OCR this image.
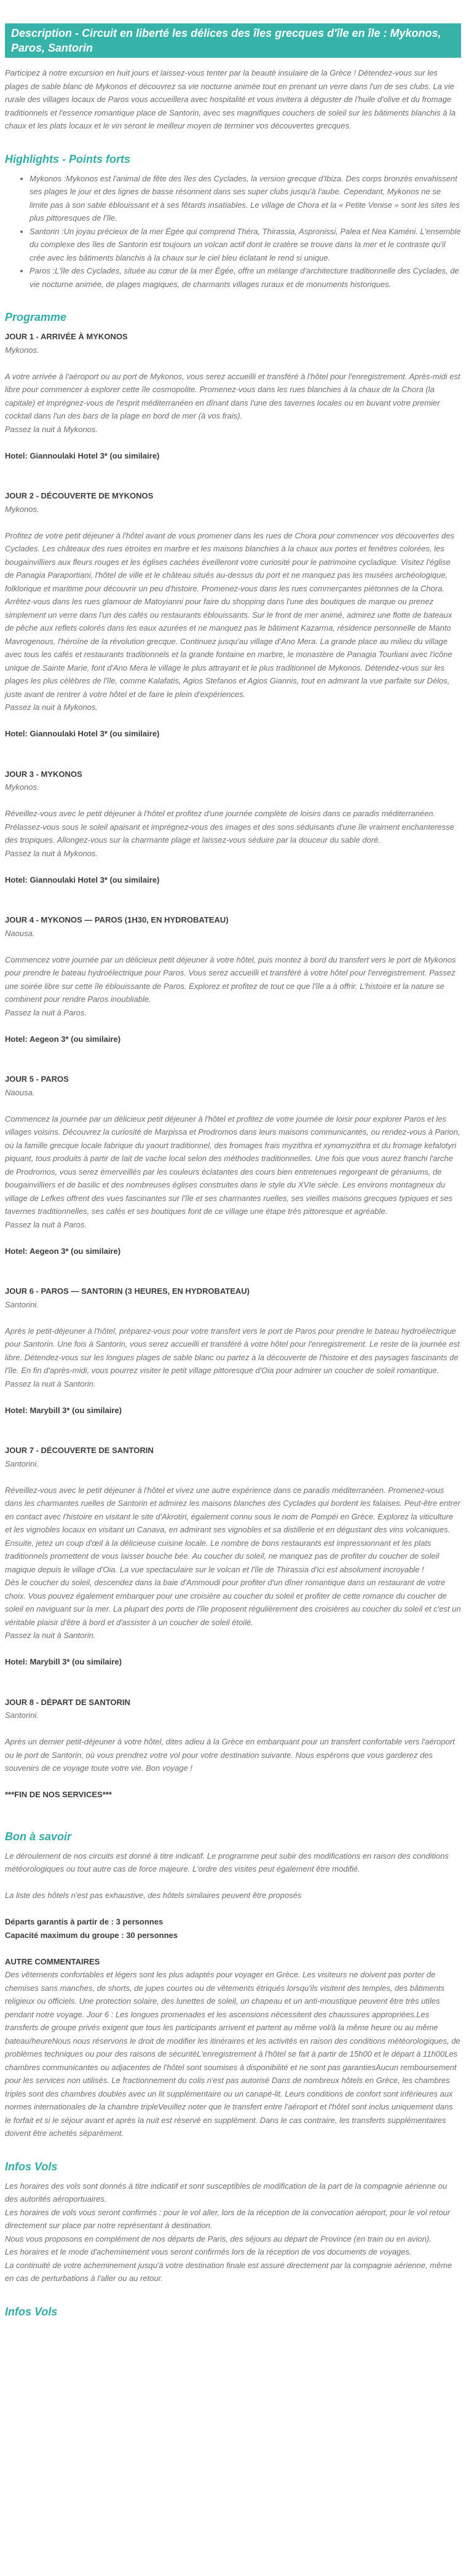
Description - Circuit en liberté les délices des îles grecques d'île en île : Mykonos, Paros, Santorin

Participez à notre excursion en huit jours et laissez-vous tenter par la beauté insulaire de la Grèce ! Détendez-vous sur les plages de sable blanc de Mykonos et découvrez sa vie nocturne animée tout en prenant un verre dans l'un de ses clubs. La vie rurale des villages locaux de Paros vous accueillera avec hospitalité et vous invitera à déguster de l'huile d'olive et du fromage traditionnels et l'essence romantique place de Santorin, avec ses magnifiques couchers de soleil sur les bâtiments blanchis à la chaux et les plats locaux et le vin seront le meilleur moyen de terminer vos découvertes grecques.

Highlights - Points forts
• Mykonos :Mykonos est l'animal de fête des îles des Cyclades, la version grecque d'Ibiza. Des corps bronzés envahissent ses plages le jour et des lignes de basse résonnent dans ses super clubs jusqu'à l'aube. Cependant, Mykonos ne se limite pas à son sable éblouissant et à ses fêtards insatiables. Le village de Chora et la « Petite Venise » sont les sites les plus pittoresques de l'île.
• Santorin :Un joyau précieux de la mer Égée qui comprend Théra, Thirassia, Aspronissi, Palea et Nea Kaméni. L'ensemble du complexe des îles de Santorin est toujours un volcan actif dont le cratère se trouve dans la mer et le contraste qu'il crée avec les bâtiments blanchis à la chaux sur le ciel bleu éclatant le rend si unique.
• Paros :L'île des Cyclades, située au cœur de la mer Égée, offre un mélange d'architecture traditionnelle des Cyclades, de vie nocturne animée, de plages magiques, de charmants villages ruraux et de monuments historiques.
Programme
JOUR 1 - ARRIVÉE À MYKONOS

Mykonos.

A votre arrivée à l'aéroport ou au port de Mykonos, vous serez accueilli et transféré à l'hôtel pour l'enregistrement. Après-midi est libre pour commencer à explorer cette île cosmopolite. Promenez-vous dans les rues blanchies à la chaux de la Chora (la capitale) et imprégnez-vous de l'esprit méditerranéen en dînant dans l'une des tavernes locales ou en buvant votre premier cocktail dans l'un des bars de la plage en bord de mer (à vos frais).

Passez la nuit à Mykonos.

Hotel: Giannoulaki Hotel 3* (ou similaire)

JOUR 2 - DÉCOUVERTE DE MYKONOS

Mykonos.

Profitez de votre petit déjeuner à l'hôtel avant de vous promener dans les rues de Chora pour commencer vos découvertes des Cyclades. Les châteaux des rues étroites en marbre et les maisons blanchies à la chaux aux portes et fenêtres colorées, les bougainvilliers aux fleurs rouges et les églises cachées éveilleront votre curiosité pour le patrimoine cycladique. Visitez l'église de Panagia Paraportiani, l'hôtel de ville et le château situés au-dessus du port et ne manquez pas les musées archéologique, folklorique et maritime pour découvrir un peu d'histoire. Promenez-vous dans les rues commerçantes piétonnes de la Chora. Arrêtez-vous dans les rues glamour de Matoyianni pour faire du shopping dans l'une des boutiques de marque ou prenez simplement un verre dans l'un des cafés ou restaurants éblouissants. Sur le front de mer animé, admirez une flotte de bateaux de pêche aux reflets colorés dans les eaux azurées et ne manquez pas le bâtiment Kazarma, résidence personnelle de Manto Mavrogenous, l'héroïne de la révolution grecque. Continuez jusqu'au village d'Ano Mera. La grande place au milieu du village avec tous les cafés et restaurants traditionnels et la grande fontaine en marbre, le monastère de Panagia Tourliani avec l'icône unique de Sainte Marie, font d'Ano Mera le village le plus attrayant et le plus traditionnel de Mykonos. Détendez-vous sur les plages les plus célèbres de l'île, comme Kalafatis, Agios Stefanos et Agios Giannis, tout en admirant la vue parfaite sur Délos, juste avant de rentrer à votre hôtel et de faire le plein d'expériences.

Passez la nuit à Mykonos.

Hotel: Giannoulaki Hotel 3* (ou similaire)

JOUR 3 - MYKONOS

Mykonos.

Réveillez-vous avec le petit déjeuner à l'hôtel et profitez d'une journée complète de loisirs dans ce paradis méditerranéen. Prélassez-vous sous le soleil apaisant et imprégnez-vous des images et des sons séduisants d'une île vraiment enchanteresse des tropiques. Allongez-vous sur la charmante plage et laissez-vous séduire par la douceur du sable doré.

Passez la nuit à Mykonos.

Hotel: Giannoulaki Hotel 3* (ou similaire)

JOUR 4 - MYKONOS — PAROS (1H30, EN HYDROBATEAU)

Naousa.

Commencez votre journée par un délicieux petit déjeuner à votre hôtel, puis montez à bord du transfert vers le port de Mykonos pour prendre le bateau hydroélectrique pour Paros. Vous serez accueilli et transféré à votre hôtel pour l'enregistrement. Passez une soirée libre sur cette île éblouissante de Paros. Explorez et profitez de tout ce que l'île a à offrir. L'histoire et la nature se combinent pour rendre Paros inoubliable.

Passez la nuit à Paros.

Hotel: Aegeon 3* (ou similaire)

JOUR 5 - PAROS

Naousa.

Commencez la journée par un délicieux petit déjeuner à l'hôtel et profitez de votre journée de loisir pour explorer Paros et les villages voisins. Découvrez la curiosité de Marpissa et Prodromos dans leurs maisons communicantes, ou rendez-vous à Parion, où la famille grecque locale fabrique du yaourt traditionnel, des fromages frais myzithra et xynomyzithra et du fromage kefalotyri piquant, tous produits à partir de lait de vache local selon des méthodes traditionnelles. Une fois que vous aurez franchi l'arche de Prodromos, vous serez émerveillés par les couleurs éclatantes des cours bien entretenues regorgeant de géraniums, de bougainvilliers et de basilic et des nombreuses églises construites dans le style du XVIe siècle. Les environs montagneux du village de Lefkes offrent des vues fascinantes sur l'île et ses charmantes ruelles, ses vieilles maisons grecques typiques et ses tavernes traditionnelles, ses cafés et ses boutiques font de ce village une étape très pittoresque et agréable.

Passez la nuit à Paros.

Hotel: Aegeon 3* (ou similaire)

JOUR 6 - PAROS — SANTORIN (3 HEURES, EN HYDROBATEAU)

Santorini.

Après le petit-déjeuner à l'hôtel, préparez-vous pour votre transfert vers le port de Paros pour prendre le bateau hydroélectrique pour Santorin. Une fois à Santorin, vous serez accueilli et transféré à votre hôtel pour l'enregistrement. Le reste de la journée est libre. Détendez-vous sur les longues plages de sable blanc ou partez à la découverte de l'histoire et des paysages fascinants de l'île. En fin d'après-midi, vous pourrez visiter le petit village pittoresque d'Oia pour admirer un coucher de soleil romantique.

Passez la nuit à Santorin.

Hotel: Marybill 3* (ou similaire)

JOUR 7 - DÉCOUVERTE DE SANTORIN

Santorini.

Réveillez-vous avec le petit déjeuner à l'hôtel et vivez une autre expérience dans ce paradis méditerranéen. Promenez-vous dans les charmantes ruelles de Santorin et admirez les maisons blanches des Cyclades qui bordent les falaises. Peut-être entrer en contact avec l'histoire en visitant le site d'Akrotiri, également connu sous le nom de Pompéi en Grèce. Explorez la viticulture et les vignobles locaux en visitant un Canava, en admirant ses vignobles et sa distillerie et en dégustant des vins volcaniques. Ensuite, jetez un coup d'œil à la délicieuse cuisine locale. Le nombre de bons restaurants est impressionnant et les plats traditionnels promettent de vous laisser bouche bée. Au coucher du soleil, ne manquez pas de profiter du coucher de soleil magique depuis le village d'Oia. La vue spectaculaire sur le volcan et l'île de Thirassia d'ici est absolument incroyable !

Dès le coucher du soleil, descendez dans la baie d'Ammoudi pour profiter d'un dîner romantique dans un restaurant de votre choix. Vous pouvez également embarquer pour une croisière au coucher du soleil et profiter de cette romance du coucher de soleil en naviguant sur la mer. La plupart des ports de l'île proposent régulièrement des croisières au coucher du soleil et c'est un véritable plaisir d'être à bord et d'assister à un coucher de soleil étoilé.

Passez la nuit à Santorin.

Hotel: Marybill 3* (ou similaire)

JOUR 8 - DÉPART DE SANTORIN

Santorini.

Après un dernier petit-déjeuner à votre hôtel, dites adieu à la Grèce en embarquant pour un transfert confortable vers l'aéroport ou le port de Santorin, où vous prendrez votre vol pour votre destination suivante. Nous espérons que vous garderez des souvenirs de ce voyage toute votre vie. Bon voyage !

***FIN DE NOS SERVICES***

Bon à savoir

Le déroulement de nos circuits est donné à titre indicatif. Le programme peut subir des modifications en raison des conditions météorologiques ou tout autre cas de force majeure. L'ordre des visites peut également être modifié.

La liste des hôtels n'est pas exhaustive, des hôtels similaires peuvent être proposés

Départs garantis à partir de : 3 personnes

Capacité maximum du groupe : 30 personnes

AUTRE COMMENTAIRES

Des vêtements confortables et légers sont les plus adaptés pour voyager en Grèce. Les visiteurs ne doivent pas porter de chemises sans manches, de shorts, de jupes courtes ou de vêtements étriqués lorsqu'ils visitent des temples, des bâtiments religieux ou officiels. Une protection solaire, des lunettes de soleil, un chapeau et un anti-moustique peuvent être très utiles pendant notre voyage. Jour 6 : Les longues promenades et les ascensions nécessitent des chaussures appropriées.Les transferts de groupe privés exigent que tous les participants arrivent et partent au même vol/à la même heure ou au même bateau/heureNous nous réservons le droit de modifier les itinéraires et les activités en raison des conditions météorologiques, de problèmes techniques ou pour des raisons de sécuritéL'enregistrement à l'hôtel se fait à partir de 15h00 et le départ à 11h00Les chambres communicantes ou adjacentes de l'hôtel sont soumises à disponibilité et ne sont pas garantiesAucun remboursement pour les services non utilisés. Le fractionnement du colis n'est pas autorisé Dans de nombreux hôtels en Grèce, les chambres triples sont des chambres doubles avec un lit supplémentaire ou un canapé-lit. Leurs conditions de confort sont inférieures aux normes internationales de la chambre tripleVeuillez noter que le transfert entre l'aéroport et l'hôtel sont inclus uniquement dans le forfait et si le séjour avant et après la nuit est réservé en supplément. Dans le cas contraire, les transferts supplémentaires doivent être achetés séparément.

Infos Vols

Les horaires des vols sont donnés à titre indicatif et sont susceptibles de modification de la part de la compagnie aérienne ou des autorités aéroportuaires.

Les horaires de vols vous seront confirmés : pour le vol aller, lors de la réception de la convocation aéroport, pour le vol retour directement sur place par notre représentant à destination.

Nous vous proposons en complément de nos départs de Paris, des séjours au départ de Province (en train ou en avion).

Les horaires et le mode d'acheminement vous seront confirmés lors de la réception de vos documents de voyages.

La continuité de votre acheminement jusqu'à votre destination finale est assuré directement par la compagnie aérienne, même en cas de perturbations à l'aller ou au retour.

Infos Vols
